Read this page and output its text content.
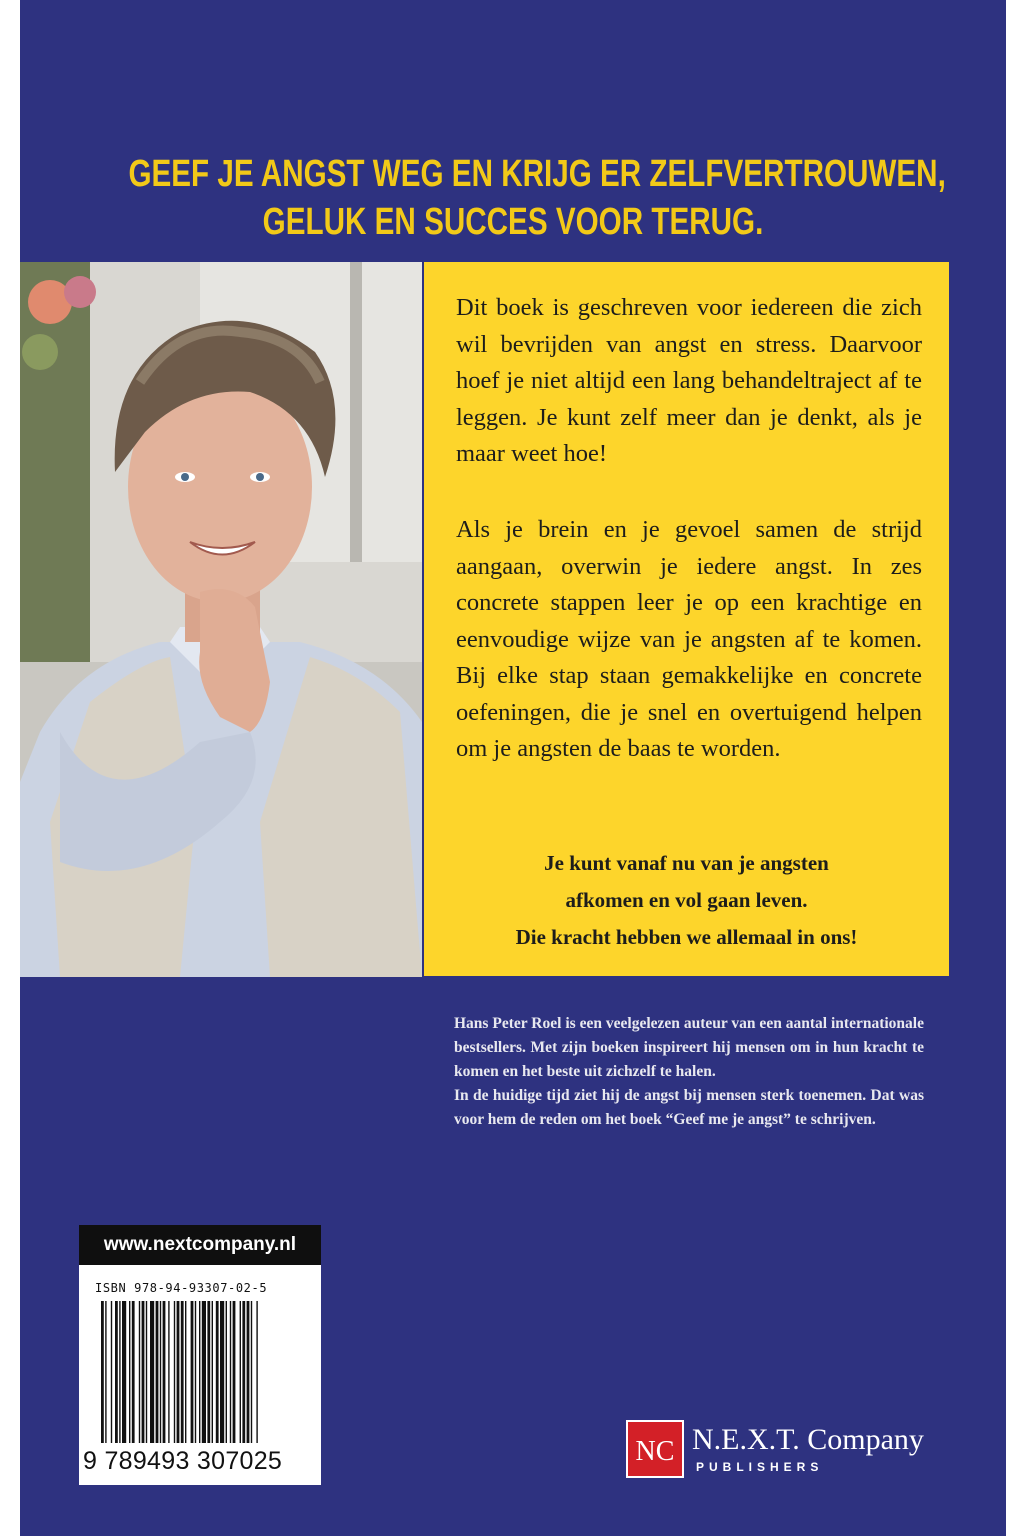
GEEF JE ANGST WEG EN KRIJG ER ZELFVERTROUWEN,
GELUK EN SUCCES VOOR TERUG.
Dit boek is geschreven voor iedereen die zich wil bevrijden van angst en stress. Daarvoor hoef je niet altijd een lang behandeltraject af te leggen. Je kunt zelf meer dan je denkt, als je maar weet hoe!
Als je brein en je gevoel samen de strijd aangaan, overwin je iedere angst. In zes concrete stappen leer je op een krachtige en eenvoudige wijze van je angsten af te komen. Bij elke stap staan gemakkelijke en concrete oefeningen, die je snel en overtuigend helpen om je angsten de baas te worden.
Je kunt vanaf nu van je angsten
afkomen en vol gaan leven.
Die kracht hebben we allemaal in ons!

Hans Peter Roel is een veelgelezen auteur van een aantal internationale bestsellers. Met zijn boeken inspireert hij mensen om in hun kracht te komen en het beste uit zichzelf te halen.

In de huidige tijd ziet hij de angst bij mensen sterk toenemen. Dat was voor hem de reden om het boek “Geef me je angst” te schrijven.

www.nextcompany.nl
ISBN 978-94-93307-02-5
9 789493 307025	NC N.E.X.T. Company
PUBLISHERS
